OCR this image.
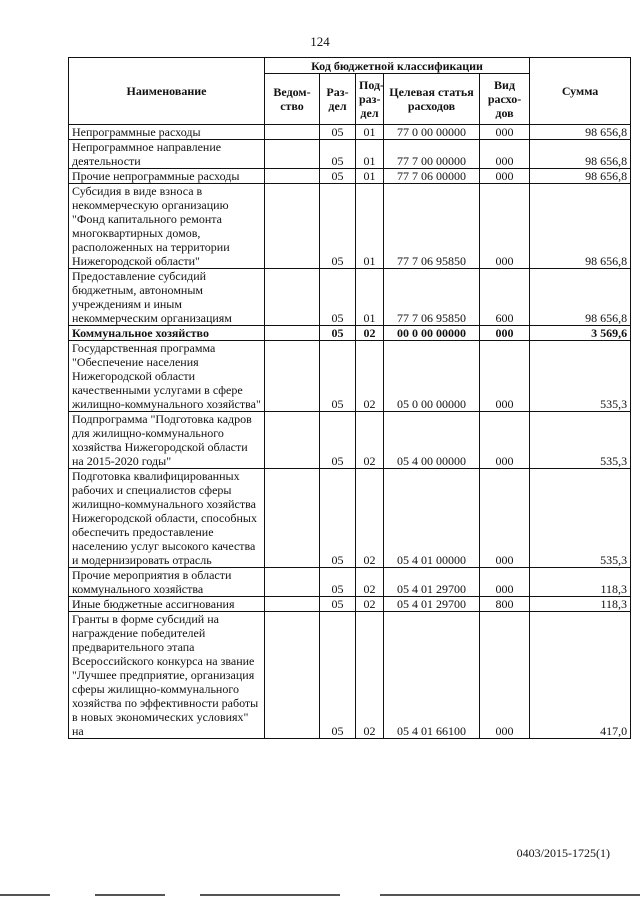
124
Наименование	Код бюджетной классификации					Сумма
	Ведом-ство	Раз-дел	Под-раз-дел	Целевая статья расходов	Вид расхо-дов	
Непрограммные расходы		05	01	77 0 00 00000	000	98 656,8
Непрограммное направление деятельности		05	01	77 7 00 00000	000	98 656,8
Прочие непрограммные расходы		05	01	77 7 06 00000	000	98 656,8
Субсидия в виде взноса в некоммерческую организацию "Фонд капитального ремонта многоквартирных домов, расположенных на территории Нижегородской области"		05	01	77 7 06 95850	000	98 656,8
Предоставление субсидий бюджетным, автономным учреждениям и иным некоммерческим организациям		05	01	77 7 06 95850	600	98 656,8
Коммунальное хозяйство		05	02	00 0 00 00000	000	3 569,6
Государственная программа "Обеспечение населения Нижегородской области качественными услугами в сфере жилищно-коммунального хозяйства"		05	02	05 0 00 00000	000	535,3
Подпрограмма "Подготовка кадров для жилищно-коммунального хозяйства Нижегородской области на 2015-2020 годы"		05	02	05 4 00 00000	000	535,3
Подготовка квалифицированных рабочих и специалистов сферы жилищно-коммунального хозяйства Нижегородской области, способных обеспечить предоставление населению услуг высокого качества и модернизировать отрасль		05	02	05 4 01 00000	000	535,3
Прочие мероприятия в области коммунального хозяйства		05	02	05 4 01 29700	000	118,3
Иные бюджетные ассигнования		05	02	05 4 01 29700	800	118,3
Гранты в форме субсидий на награждение победителей предварительного этапа Всероссийского конкурса на звание "Лучшее предприятие, организация сферы жилищно-коммунального хозяйства по эффективности работы в новых экономических условиях" на		05	02	05 4 01 66100	000	417,0
0403/2015-1725(1)
